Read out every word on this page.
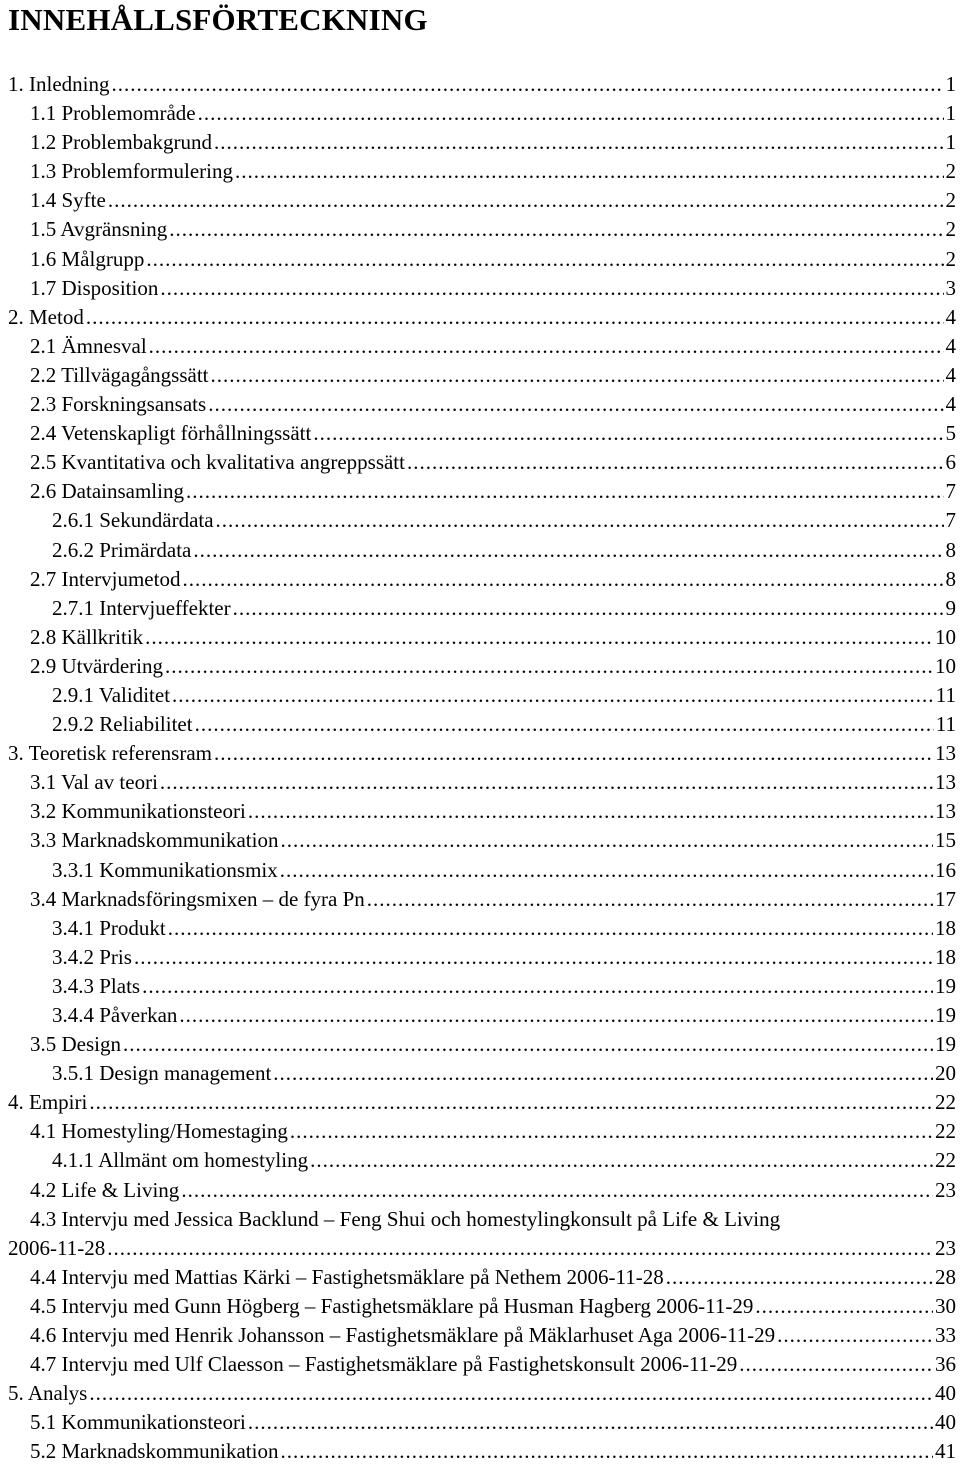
INNEHÅLLSFÖRTECKNING
1. Inledning .....	1
1.1 Problemområde .....	1
1.2 Problembakgrund .....	1
1.3 Problemformulering .....	2
1.4 Syfte .....	2
1.5 Avgränsning .....	2
1.6 Målgrupp .....	2
1.7 Disposition .....	3
2. Metod .....	4
2.1 Ämnesval .....	4
2.2 Tillvägagångssätt .....	4
2.3 Forskningsansats .....	4
2.4 Vetenskapligt förhållningssätt .....	5
2.5 Kvantitativa och kvalitativa angreppssätt .....	6
2.6 Datainsamling .....	7
2.6.1 Sekundärdata .....	7
2.6.2 Primärdata .....	8
2.7 Intervjumetod .....	8
2.7.1 Intervjueffekter .....	9
2.8 Källkritik .....	10
2.9 Utvärdering .....	10
2.9.1 Validitet .....	11
2.9.2 Reliabilitet .....	11
3. Teoretisk referensram .....	13
3.1 Val av teori .....	13
3.2 Kommunikationsteori .....	13
3.3 Marknadskommunikation .....	15
3.3.1 Kommunikationsmix .....	16
3.4 Marknadsföringsmixen – de fyra Pn .....	17
3.4.1 Produkt .....	18
3.4.2 Pris .....	18
3.4.3 Plats .....	19
3.4.4 Påverkan .....	19
3.5 Design .....	19
3.5.1 Design management .....	20
4. Empiri .....	22
4.1 Homestyling/Homestaging .....	22
4.1.1 Allmänt om homestyling .....	22
4.2 Life & Living .....	23
4.3 Intervju med Jessica Backlund – Feng Shui och homestylingkonsult på Life & Living
2006-11-28 .....	23
4.4 Intervju med Mattias Kärki – Fastighetsmäklare på Nethem 2006-11-28 .....	28
4.5 Intervju med Gunn Högberg – Fastighetsmäklare på Husman Hagberg 2006-11-29 .....	30
4.6 Intervju med Henrik Johansson – Fastighetsmäklare på Mäklarhuset Aga 2006-11-29 .....	33
4.7 Intervju med Ulf Claesson – Fastighetsmäklare på Fastighetskonsult 2006-11-29 .....	36
5. Analys .....	40
5.1 Kommunikationsteori .....	40
5.2 Marknadskommunikation .....	41
